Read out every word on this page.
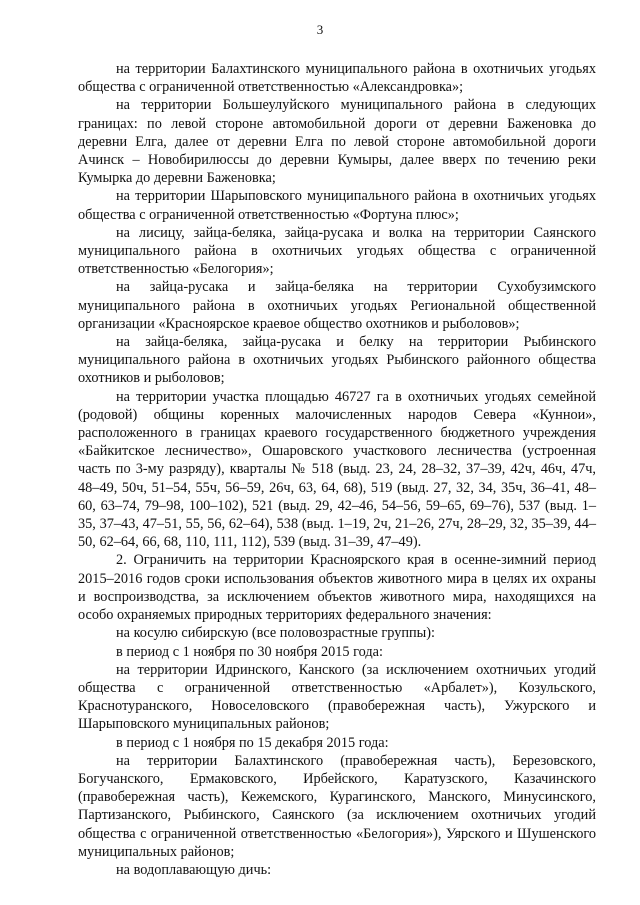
3

на территории Балахтинского муниципального района в охотничьих угодьях общества с ограниченной ответственностью «Александровка»;

на территории Большеулуйского муниципального района в следующих границах: по левой стороне автомобильной дороги от деревни Баженовка до деревни Елга, далее от деревни Елга по левой стороне автомобильной дороги Ачинск – Новобирилюссы до деревни Кумыры, далее вверх по течению реки Кумырка до деревни Баженовка;

на территории Шарыповского муниципального района в охотничьих угодьях общества с ограниченной ответственностью «Фортуна плюс»;

на лисицу, зайца-беляка, зайца-русака и волка на территории Саянского муниципального района в охотничьих угодьях общества с ограниченной ответственностью «Белогория»;

на зайца-русака и зайца-беляка на территории Сухобузимского муниципального района в охотничьих угодьях Региональной общественной организации «Красноярское краевое общество охотников и рыболовов»;

на зайца-беляка, зайца-русака и белку на территории Рыбинского муниципального района в охотничьих угодьях Рыбинского районного общества охотников и рыболовов;

на территории участка площадью 46727 га в охотничьих угодьях семейной (родовой) общины коренных малочисленных народов Севера «Куннои», расположенного в границах краевого государственного бюджетного учреждения «Байкитское лесничество», Ошаровского участкового лесничества (устроенная часть по 3-му разряду), кварталы № 518 (выд. 23, 24, 28–32, 37–39, 42ч, 46ч, 47ч, 48–49, 50ч, 51–54, 55ч, 56–59, 26ч, 63, 64, 68), 519 (выд. 27, 32, 34, 35ч, 36–41, 48–60, 63–74, 79–98, 100–102), 521 (выд. 29, 42–46, 54–56, 59–65, 69–76), 537 (выд. 1–35, 37–43, 47–51, 55, 56, 62–64), 538 (выд. 1–19, 2ч, 21–26, 27ч, 28–29, 32, 35–39, 44–50, 62–64, 66, 68, 110, 111, 112), 539 (выд. 31–39, 47–49).

2. Ограничить на территории Красноярского края в осенне-зимний период 2015–2016 годов сроки использования объектов животного мира в целях их охраны и воспроизводства, за исключением объектов животного мира, находящихся на особо охраняемых природных территориях федерального значения:

на косулю сибирскую (все половозрастные группы):

в период с 1 ноября по 30 ноября 2015 года:

на территории Идринского, Канского (за исключением охотничьих угодий общества с ограниченной ответственностью «Арбалет»), Козульского, Краснотуранского, Новоселовского (правобережная часть), Ужурского и Шарыповского муниципальных районов;

в период с 1 ноября по 15 декабря 2015 года:

на территории Балахтинского (правобережная часть), Березовского, Богучанского, Ермаковского, Ирбейского, Каратузского, Казачинского (правобережная часть), Кежемского, Курагинского, Манского, Минусинского, Партизанского, Рыбинского, Саянского (за исключением охотничьих угодий общества с ограниченной ответственностью «Белогория»), Уярского и Шушенского муниципальных районов;

на водоплавающую дичь:
